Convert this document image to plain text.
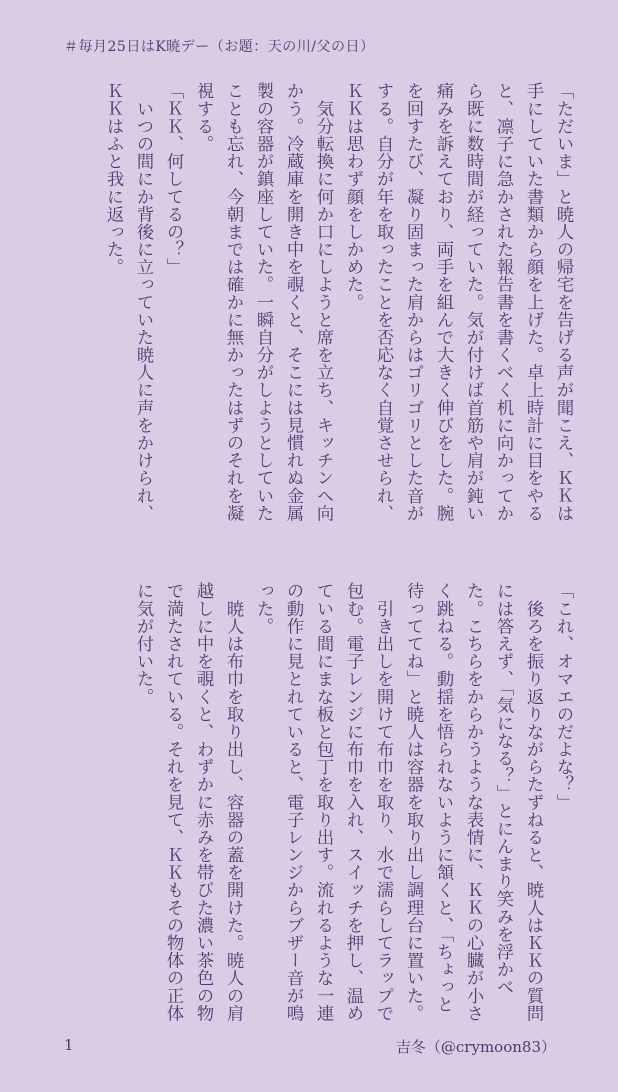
＃毎月25日はK暁デー（お題：天の川/父の日）

「ただいま」と暁人の帰宅を告げる声が聞こえ、ＫＫは手にしていた書類から顔を上げた。卓上時計に目をやると、凛子に急かされた報告書を書くべく机に向かってから既に数時間が経っていた。気が付けば首筋や肩が鈍い痛みを訴えており、両手を組んで大きく伸びをした。腕を回すたび、凝り固まった肩からはゴリゴリとした音がする。自分が年を取ったことを否応なく自覚させられ、ＫＫは思わず顔をしかめた。

　気分転換に何か口にしようと席を立ち、キッチンへ向かう。冷蔵庫を開き中を覗くと、そこには見慣れぬ金属製の容器が鎮座していた。一瞬自分がしようとしていたことも忘れ、今朝までは確かに無かったはずのそれを凝視する。

「ＫＫ、何してるの？」

　いつの間にか背後に立っていた暁人に声をかけられ、ＫＫはふと我に返った。

「これ、オマエのだよな？」

　後ろを振り返りながらたずねると、暁人はＫＫの質問には答えず、「気になる？」とにんまり笑みを浮かべた。こちらをからかうような表情に、ＫＫの心臓が小さく跳ねる。動揺を悟られないように頷くと、「ちょっと待っててね」と暁人は容器を取り出し調理台に置いた。

　引き出しを開けて布巾を取り、水で濡らしてラップで包む。電子レンジに布巾を入れ、スイッチを押し、温めている間にまな板と包丁を取り出す。流れるような一連の動作に見とれていると、電子レンジからブザー音が鳴った。

　暁人は布巾を取り出し、容器の蓋を開けた。暁人の肩越しに中を覗くと、わずかに赤みを帯びた濃い茶色の物で満たされている。それを見て、ＫＫもその物体の正体に気が付いた。

1	吉冬（@crymoon83）
